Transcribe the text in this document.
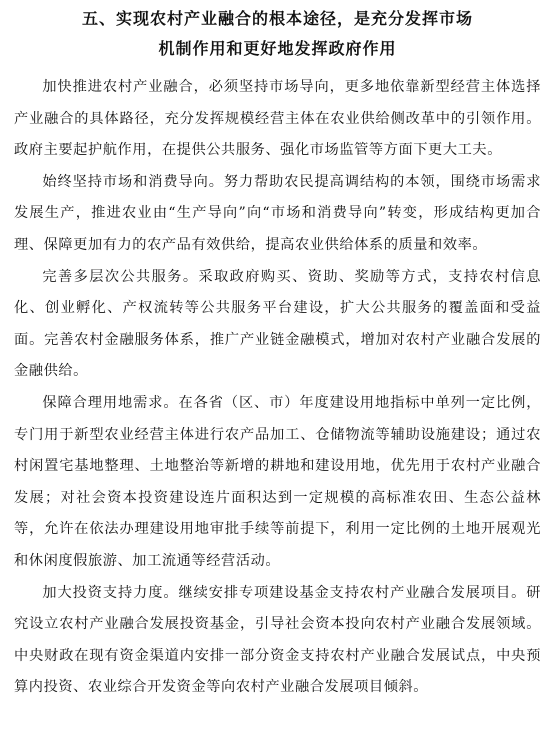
五、实现农村产业融合的根本途径，是充分发挥市场
机制作用和更好地发挥政府作用

加快推进农村产业融合，必须坚持市场导向，更多地依靠新型经营主体选择产业融合的具体路径，充分发挥规模经营主体在农业供给侧改革中的引领作用。政府主要起护航作用，在提供公共服务、强化市场监管等方面下更大工夫。

始终坚持市场和消费导向。努力帮助农民提高调结构的本领，围绕市场需求发展生产，推进农业由“生产导向”向“市场和消费导向”转变，形成结构更加合理、保障更加有力的农产品有效供给，提高农业供给体系的质量和效率。

完善多层次公共服务。采取政府购买、资助、奖励等方式，支持农村信息化、创业孵化、产权流转等公共服务平台建设，扩大公共服务的覆盖面和受益面。完善农村金融服务体系，推广产业链金融模式，增加对农村产业融合发展的金融供给。

保障合理用地需求。在各省（区、市）年度建设用地指标中单列一定比例，专门用于新型农业经营主体进行农产品加工、仓储物流等辅助设施建设；通过农村闲置宅基地整理、土地整治等新增的耕地和建设用地，优先用于农村产业融合发展；对社会资本投资建设连片面积达到一定规模的高标准农田、生态公益林等，允许在依法办理建设用地审批手续等前提下，利用一定比例的土地开展观光和休闲度假旅游、加工流通等经营活动。

加大投资支持力度。继续安排专项建设基金支持农村产业融合发展项目。研究设立农村产业融合发展投资基金，引导社会资本投向农村产业融合发展领域。中央财政在现有资金渠道内安排一部分资金支持农村产业融合发展试点，中央预算内投资、农业综合开发资金等向农村产业融合发展项目倾斜。
